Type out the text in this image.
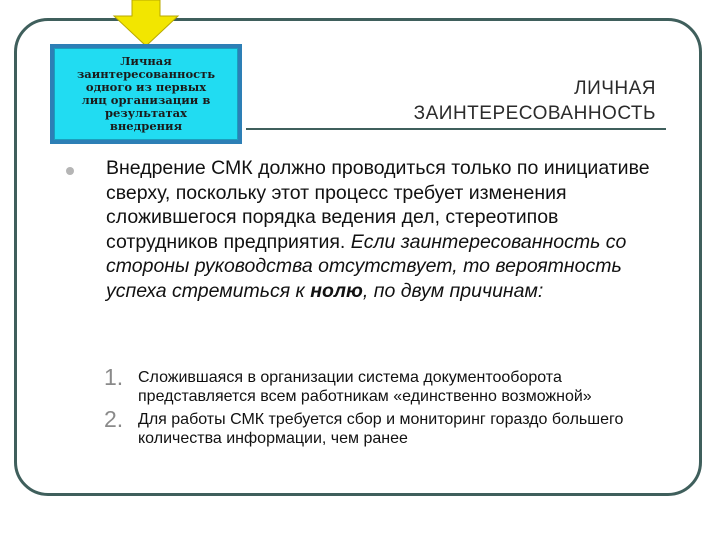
Личная
заинтересованность
одного из первых
лиц организации в
результатах
внедрения
ЛИЧНАЯ
ЗАИНТЕРЕСОВАННОСТЬ
Внедрение СМК должно проводиться только по инициативе сверху, поскольку этот процесс требует изменения сложившегося порядка ведения дел, стереотипов сотрудников предприятия. Если заинтересованность со стороны руководства отсутствует, то вероятность успеха стремиться к нолю, по двум причинам:
1. Сложившаяся в организации система документооборота представляется всем работникам «единственно возможной»
2. Для работы СМК требуется сбор и мониторинг гораздо большего количества информации, чем ранее
